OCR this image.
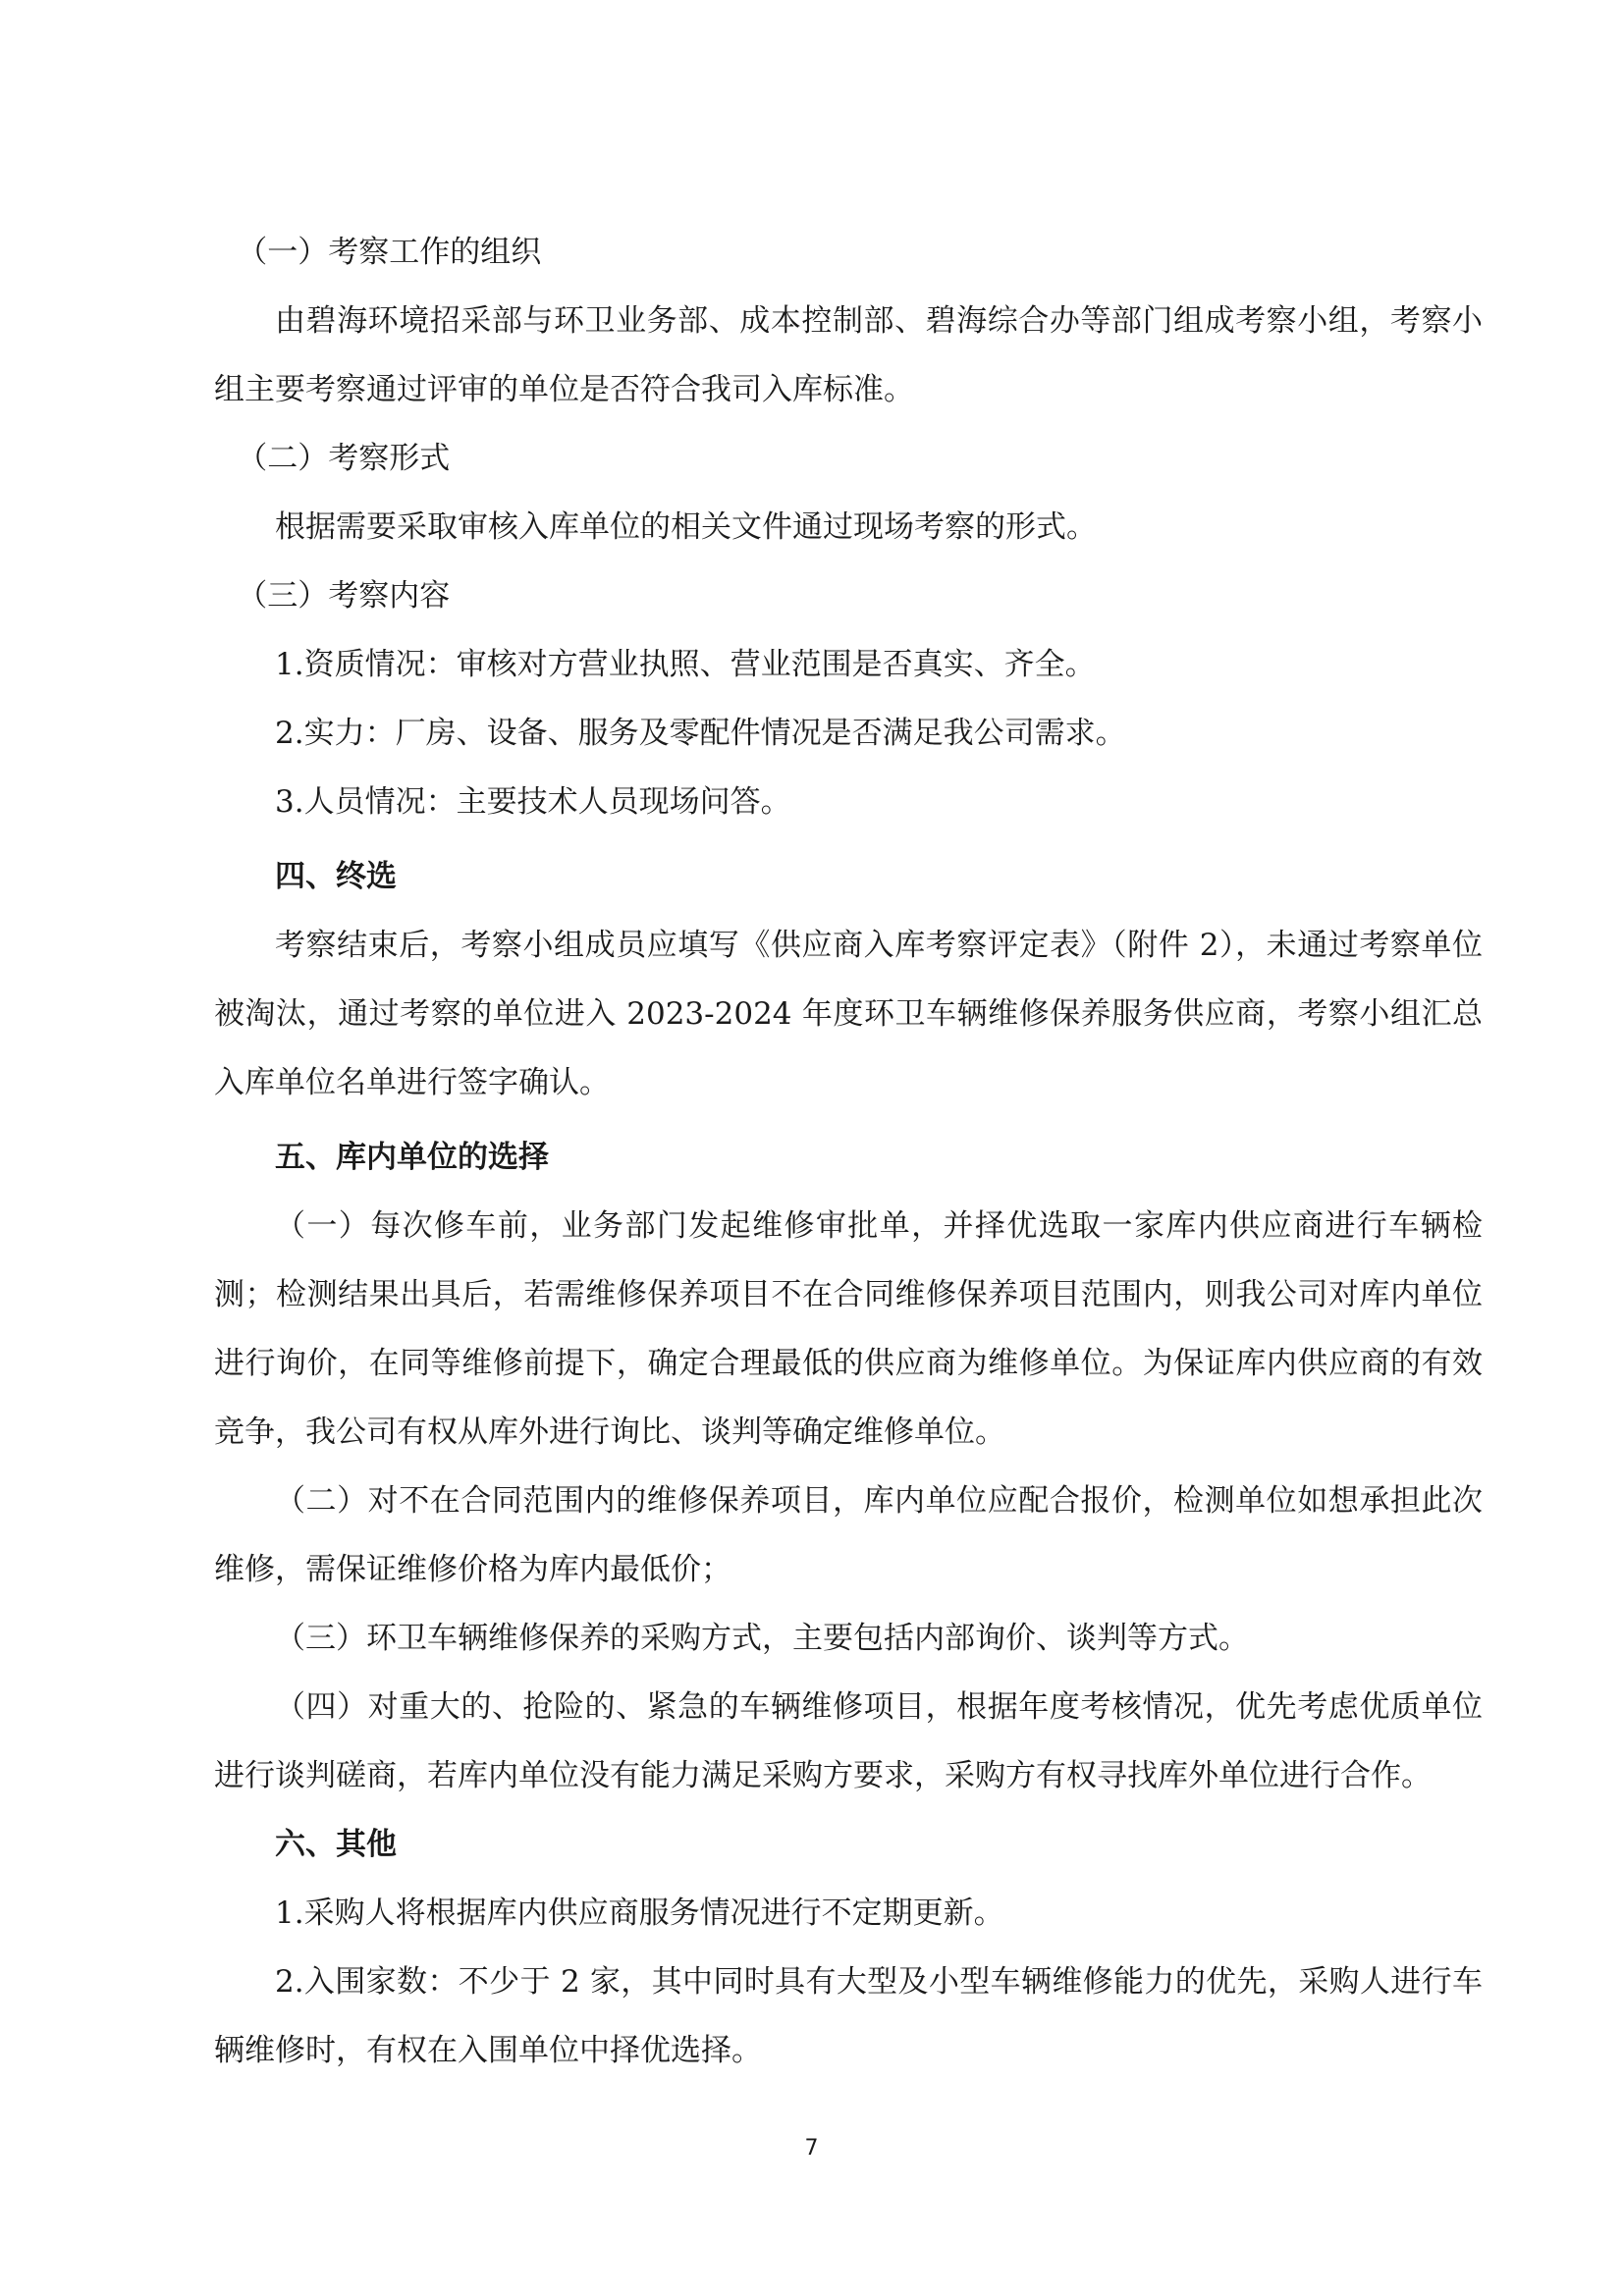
（一）考察工作的组织

由碧海环境招采部与环卫业务部、成本控制部、碧海综合办等部门组成考察小组，考察小组主要考察通过评审的单位是否符合我司入库标准。

（二）考察形式

根据需要采取审核入库单位的相关文件通过现场考察的形式。

（三）考察内容

1.资质情况：审核对方营业执照、营业范围是否真实、齐全。

2.实力：厂房、设备、服务及零配件情况是否满足我公司需求。

3.人员情况：主要技术人员现场问答。

四、终选

考察结束后，考察小组成员应填写《供应商入库考察评定表》（附件 2），未通过考察单位被淘汰，通过考察的单位进入 2023-2024 年度环卫车辆维修保养服务供应商，考察小组汇总入库单位名单进行签字确认。

五、库内单位的选择

（一）每次修车前，业务部门发起维修审批单，并择优选取一家库内供应商进行车辆检测；检测结果出具后，若需维修保养项目不在合同维修保养项目范围内，则我公司对库内单位进行询价，在同等维修前提下，确定合理最低的供应商为维修单位。为保证库内供应商的有效竞争，我公司有权从库外进行询比、谈判等确定维修单位。

（二）对不在合同范围内的维修保养项目，库内单位应配合报价，检测单位如想承担此次维修，需保证维修价格为库内最低价；

（三）环卫车辆维修保养的采购方式，主要包括内部询价、谈判等方式。

（四）对重大的、抢险的、紧急的车辆维修项目，根据年度考核情况，优先考虑优质单位进行谈判磋商，若库内单位没有能力满足采购方要求，采购方有权寻找库外单位进行合作。

六、其他

1.采购人将根据库内供应商服务情况进行不定期更新。

2.入围家数：不少于 2 家，其中同时具有大型及小型车辆维修能力的优先，采购人进行车辆维修时，有权在入围单位中择优选择。

7
